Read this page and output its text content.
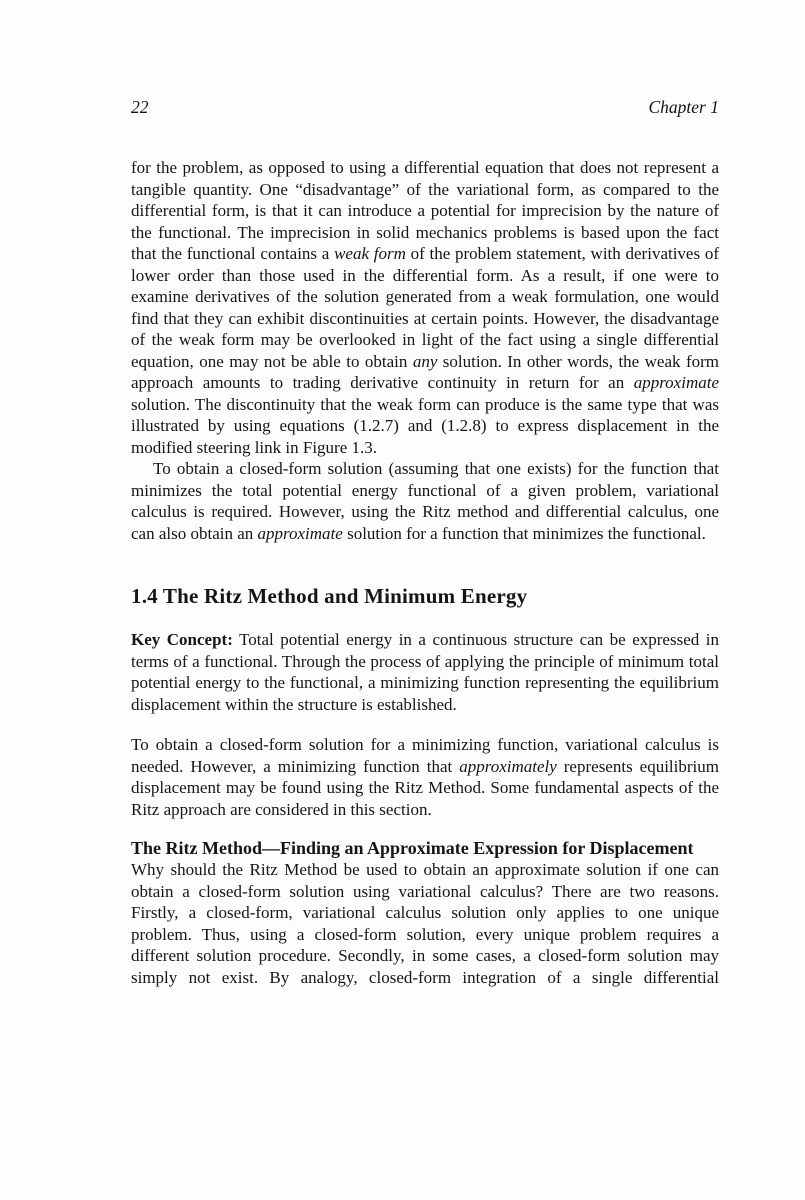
22	Chapter 1

for the problem, as opposed to using a differential equation that does not represent a tangible quantity. One “disadvantage” of the variational form, as compared to the differential form, is that it can introduce a potential for imprecision by the nature of the functional. The imprecision in solid mechanics problems is based upon the fact that the functional contains a weak form of the problem statement, with derivatives of lower order than those used in the differential form. As a result, if one were to examine derivatives of the solution generated from a weak formulation, one would find that they can exhibit discontinuities at certain points. However, the disadvantage of the weak form may be overlooked in light of the fact using a single differential equation, one may not be able to obtain any solution. In other words, the weak form approach amounts to trading derivative continuity in return for an approximate solution. The discontinuity that the weak form can produce is the same type that was illustrated by using equations (1.2.7) and (1.2.8) to express displacement in the modified steering link in Figure 1.3.

To obtain a closed-form solution (assuming that one exists) for the function that minimizes the total potential energy functional of a given problem, variational calculus is required. However, using the Ritz method and differential calculus, one can also obtain an approximate solution for a function that minimizes the functional.

1.4 The Ritz Method and Minimum Energy

Key Concept: Total potential energy in a continuous structure can be expressed in terms of a functional. Through the process of applying the principle of minimum total potential energy to the functional, a minimizing function representing the equilibrium displacement within the structure is established.

To obtain a closed-form solution for a minimizing function, variational calculus is needed. However, a minimizing function that approximately represents equilibrium displacement may be found using the Ritz Method. Some fundamental aspects of the Ritz approach are considered in this section.

The Ritz Method—Finding an Approximate Expression for Displacement

Why should the Ritz Method be used to obtain an approximate solution if one can obtain a closed-form solution using variational calculus? There are two reasons. Firstly, a closed-form, variational calculus solution only applies to one unique problem. Thus, using a closed-form solution, every unique problem requires a different solution procedure. Secondly, in some cases, a closed-form solution may simply not exist. By analogy, closed-form integration of a single differential
